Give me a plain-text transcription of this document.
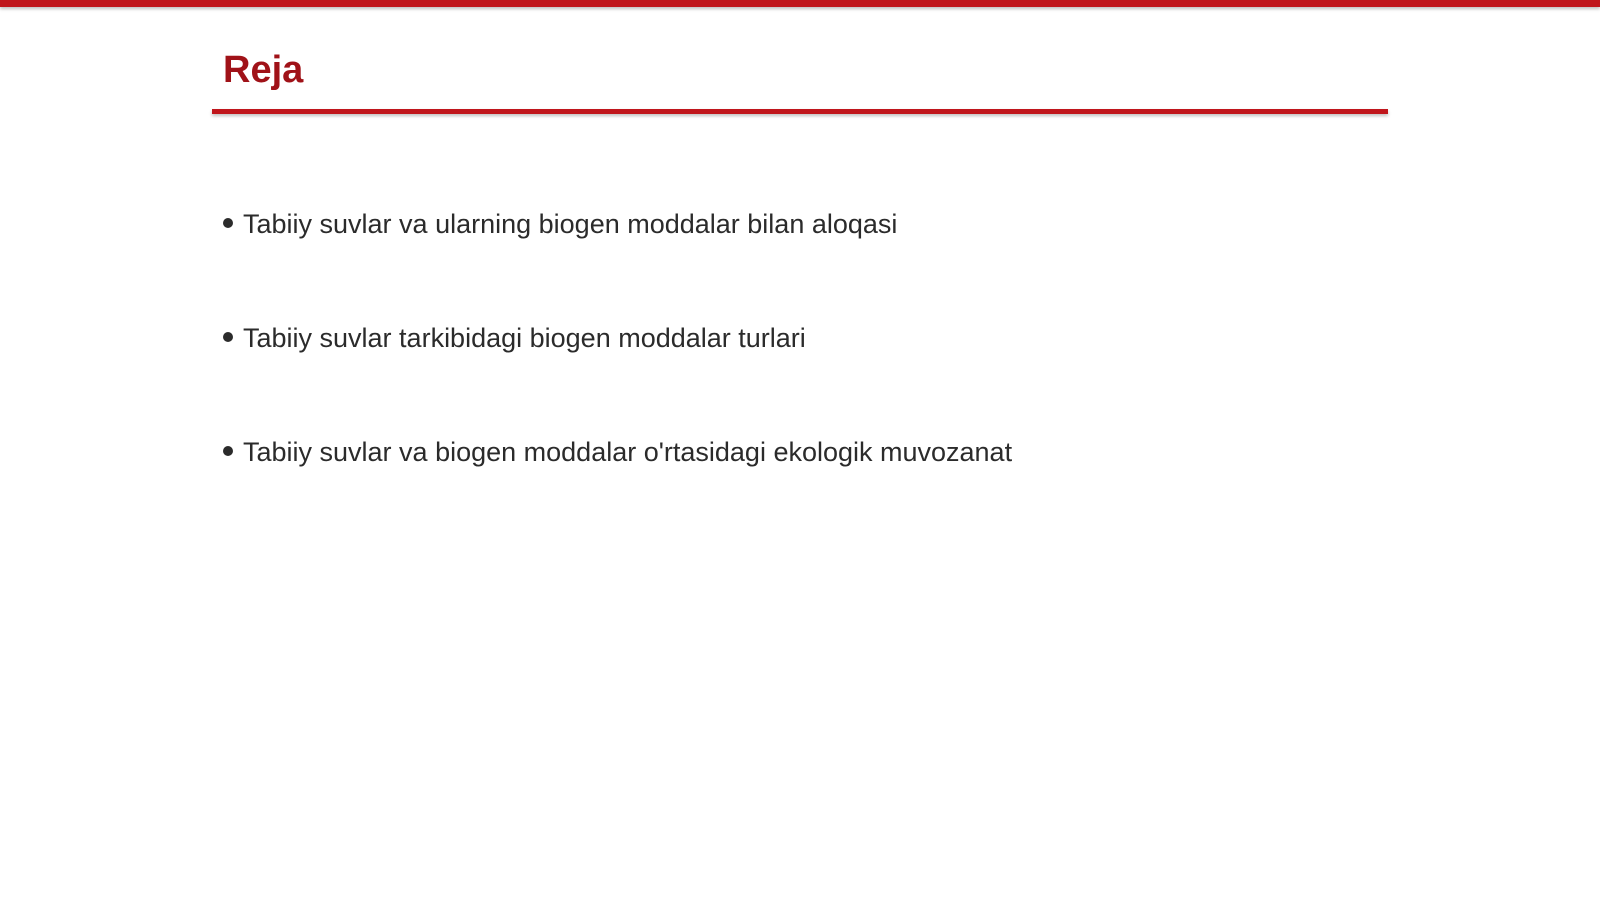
Reja
Tabiiy suvlar va ularning biogen moddalar bilan aloqasi
Tabiiy suvlar tarkibidagi biogen moddalar turlari
Tabiiy suvlar va biogen moddalar o'rtasidagi ekologik muvozanat
